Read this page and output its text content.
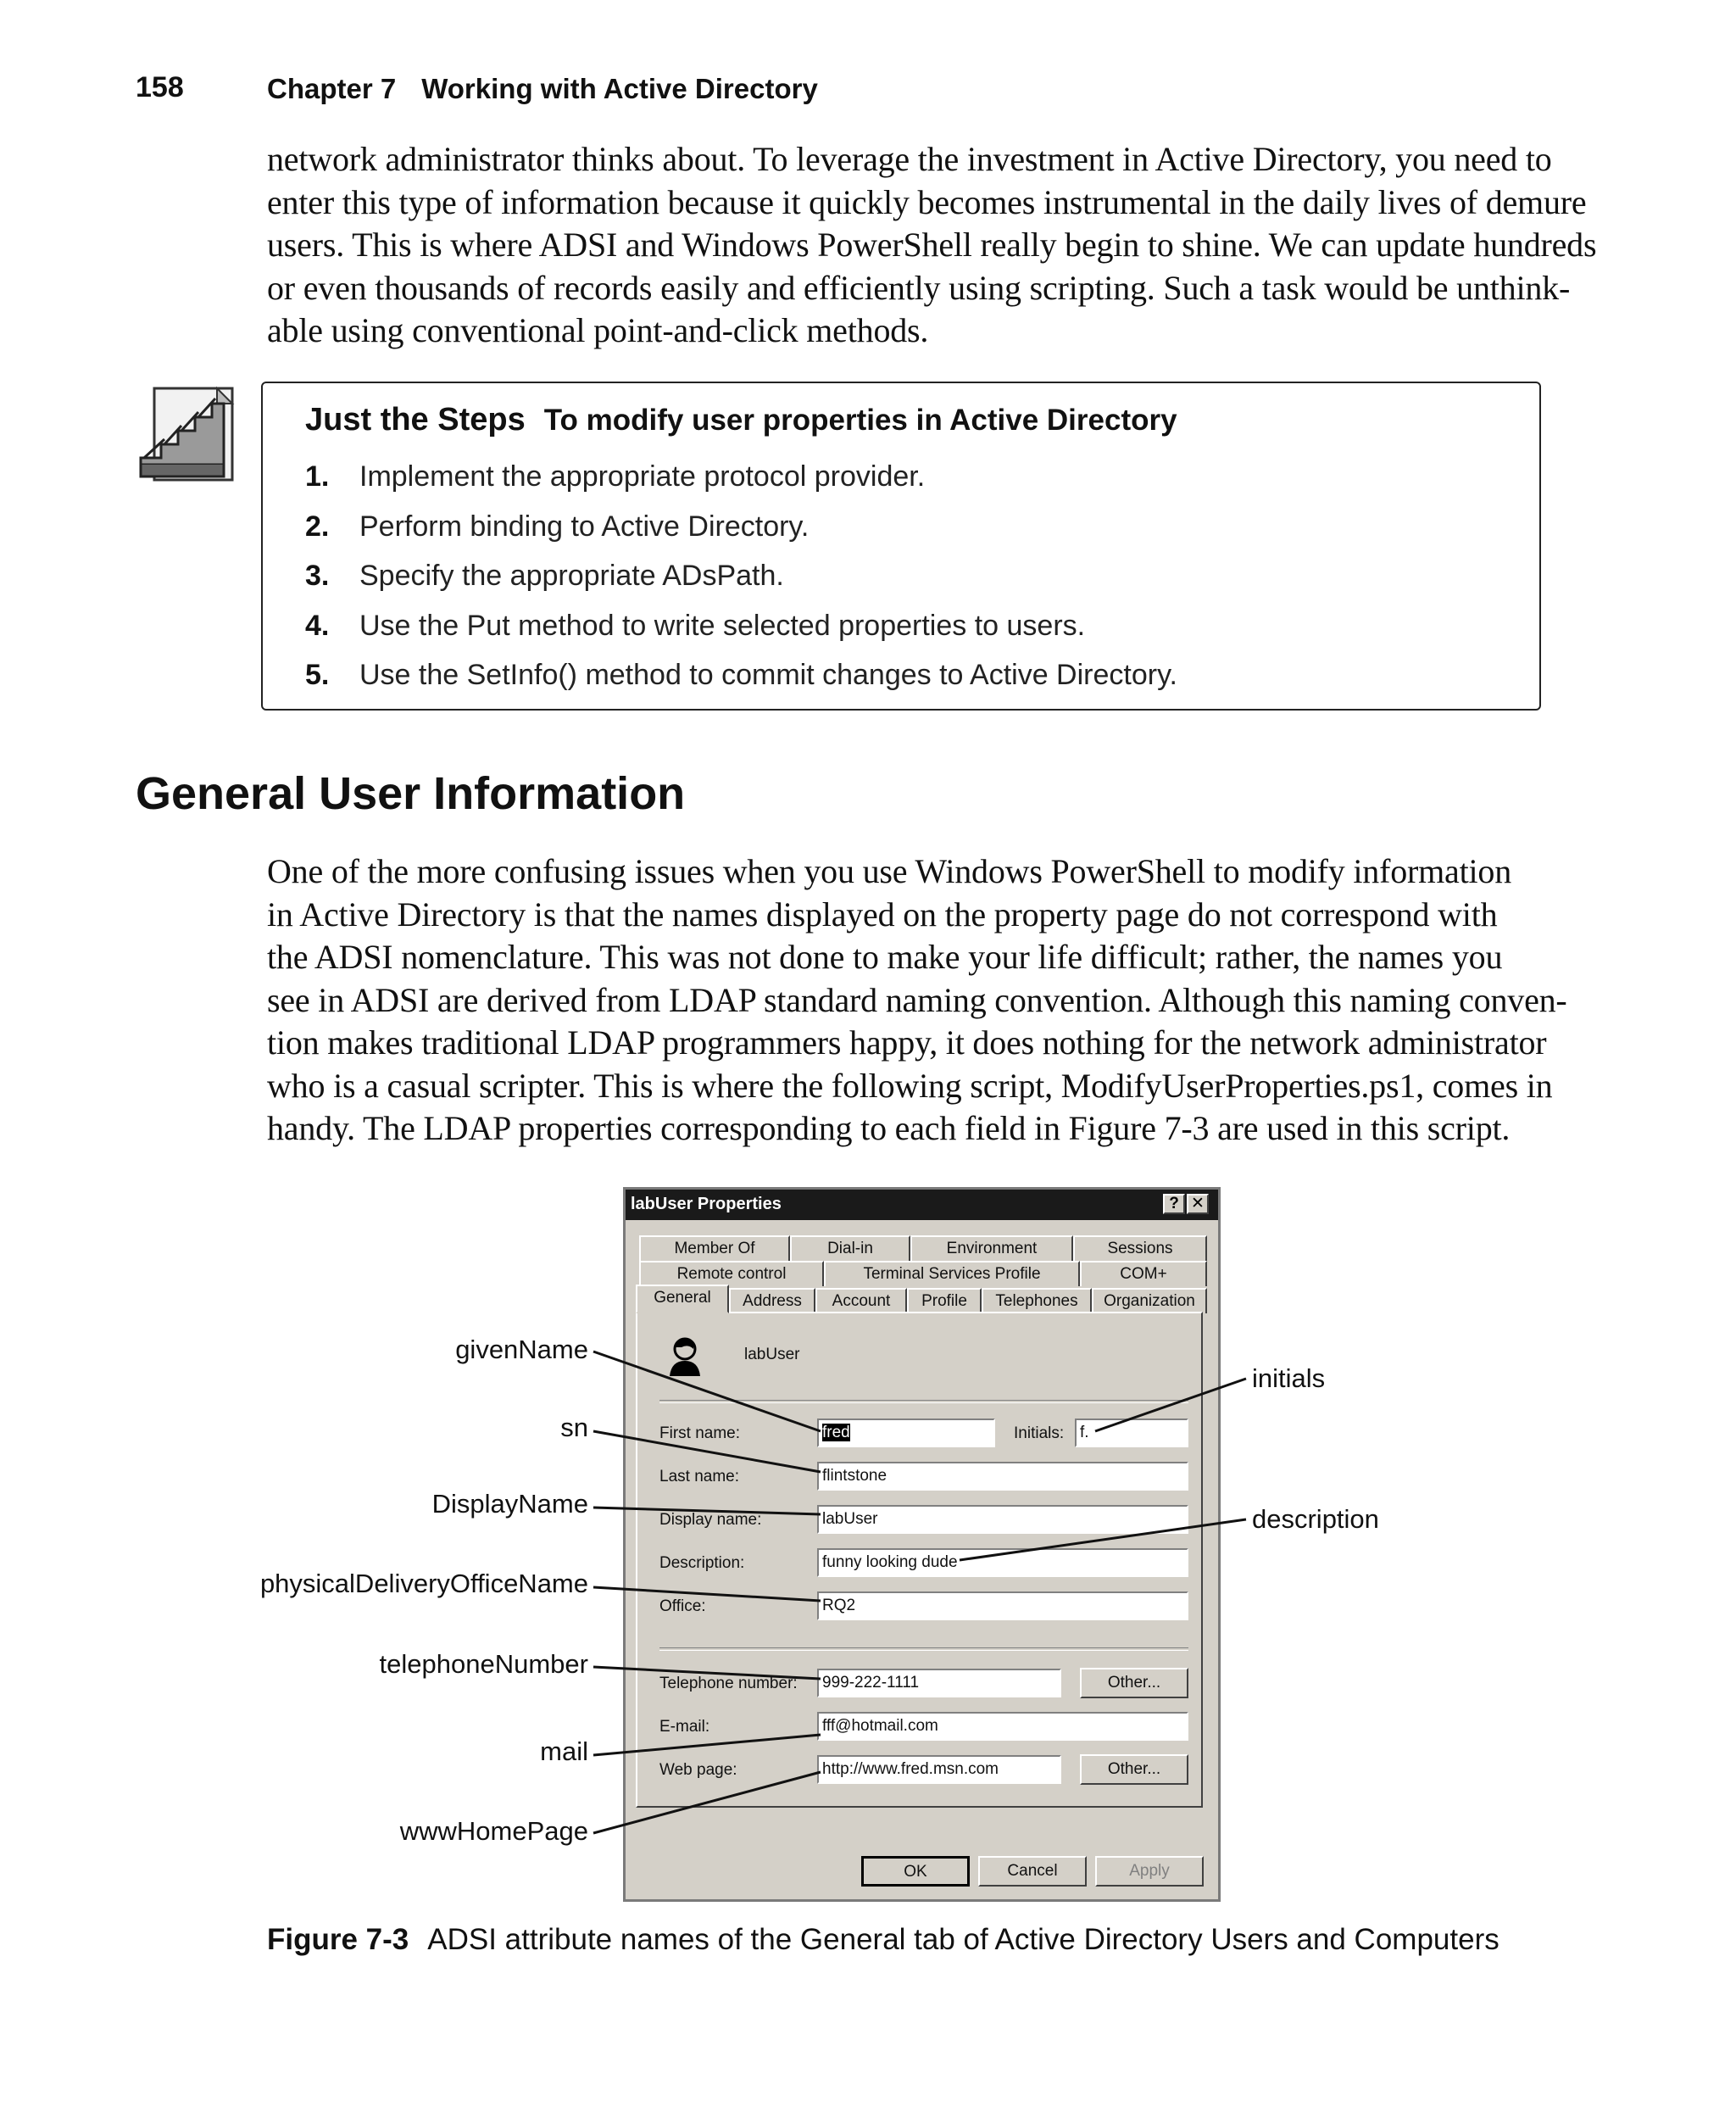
158	Chapter 7 Working with Active Directory

network administrator thinks about. To leverage the investment in Active Directory, you need to

enter this type of information because it quickly becomes instrumental in the daily lives of demure

users. This is where ADSI and Windows PowerShell really begin to shine. We can update hundreds

or even thousands of records easily and efficiently using scripting. Such a task would be unthink-

able using conventional point-and-click methods.

Just the Steps To modify user properties in Active Directory
1. Implement the appropriate protocol provider.
2. Perform binding to Active Directory.
3. Specify the appropriate ADsPath.
4. Use the Put method to write selected properties to users.
5. Use the SetInfo() method to commit changes to Active Directory.
General User Information

One of the more confusing issues when you use Windows PowerShell to modify information

in Active Directory is that the names displayed on the property page do not correspond with

the ADSI nomenclature. This was not done to make your life difficult; rather, the names you

see in ADSI are derived from LDAP standard naming convention. Although this naming conven-

tion makes traditional LDAP programmers happy, it does nothing for the network administrator

who is a casual scripter. This is where the following script, ModifyUserProperties.ps1, comes in

handy. The LDAP properties corresponding to each field in Figure 7-3 are used in this script.

labUser Properties	? ✕
Member Of	Dial-in	Environment	Sessions
Remote control	Terminal Services Profile	COM+
General	Address	Account	Profile	Telephones	Organization
labUser
First name:	fred	Initials: f.
Last name:	flintstone
Display name:	labUser
Description:	funny looking dude
Office:	RQ2
Telephone number:	999-222-1111	Other...
E-mail:	fff@hotmail.com
Web page:	http://www.fred.msn.com	Other...
OK	Cancel	Apply
givenName
sn
DisplayName
physicalDeliveryOfficeName
telephoneNumber
mail
wwwHomePage
initials
description
Figure 7-3 ADSI attribute names of the General tab of Active Directory Users and Computers
